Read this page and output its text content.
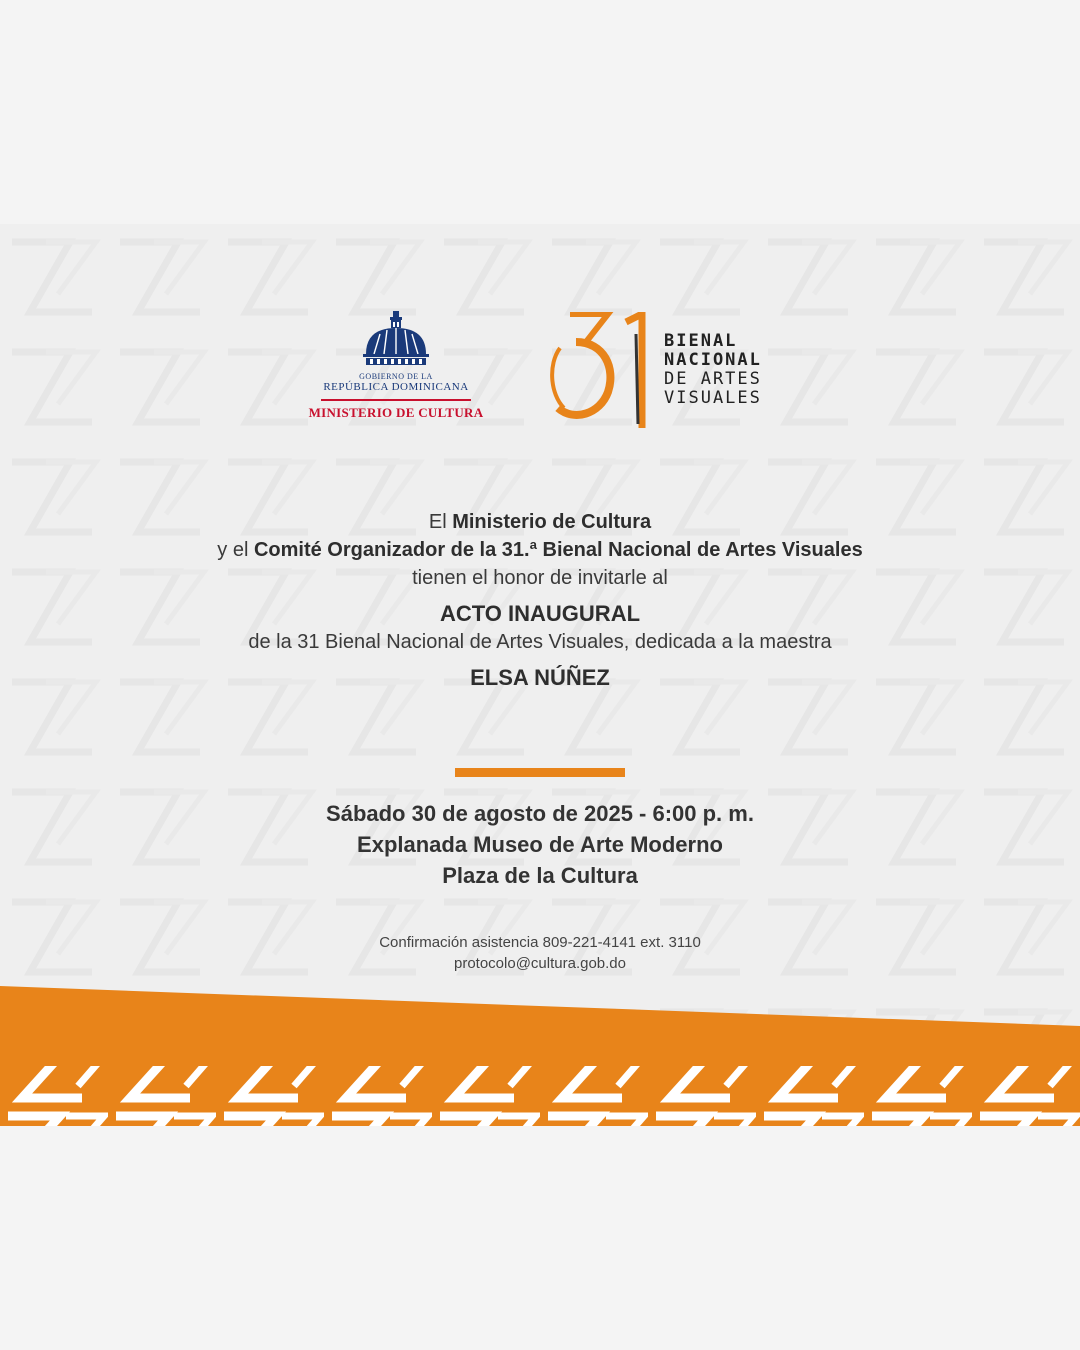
GOBIERNO DE LA
REPÚBLICA DOMINICANA
MINISTERIO DE CULTURA
BIENAL
NACIONAL
DE ARTES
VISUALES
El Ministerio de Cultura
y el Comité Organizador de la 31.ª Bienal Nacional de Artes Visuales
tienen el honor de invitarle al
ACTO INAUGURAL
de la 31 Bienal Nacional de Artes Visuales, dedicada a la maestra
ELSA NÚÑEZ
Sábado 30 de agosto de 2025 - 6:00 p. m.
Explanada Museo de Arte Moderno
Plaza de la Cultura
Confirmación asistencia 809-221-4141 ext. 3110
protocolo@cultura.gob.do
